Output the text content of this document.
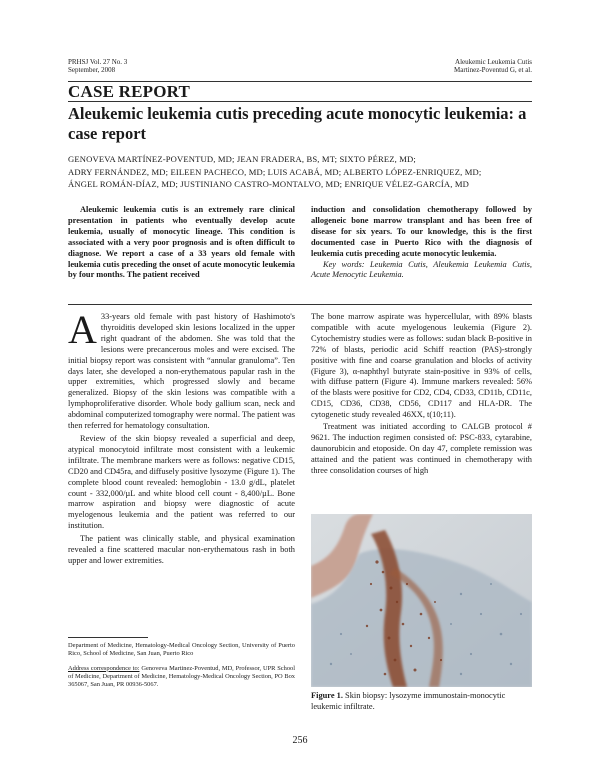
PRHSJ Vol. 27 No. 3
September, 2008
Aleukemic Leukemia Cutis
Martinez-Poventud G, et al.
CASE REPORT
Aleukemic leukemia cutis preceding acute monocytic leukemia: a case report
GENOVEVA MARTÍNEZ-POVENTUD, MD; JEAN FRADERA, BS, MT; SIXTO PÉREZ, MD;
ADRY FERNÁNDEZ, MD; EILEEN PACHECO, MD; LUIS ACABÁ, MD; ALBERTO LÓPEZ-ENRIQUEZ, MD;
ÁNGEL ROMÁN-DÍAZ, MD; JUSTINIANO CASTRO-MONTALVO, MD; ENRIQUE VÉLEZ-GARCÍA, MD

Aleukemic leukemia cutis is an extremely rare clinical presentation in patients who eventually develop acute leukemia, usually of monocytic lineage. This condition is associated with a very poor prognosis and is often difficult to diagnose. We report a case of a 33 years old female with leukemia cutis preceding the onset of acute monocytic leukemia by four months. The patient received

induction and consolidation chemotherapy followed by allogeneic bone marrow transplant and has been free of disease for six years. To our knowledge, this is the first documented case in Puerto Rico with the diagnosis of leukemia cutis preceding acute monocytic leukemia.

Key words: Leukemia Cutis, Aleukemia Leukemia Cutis, Acute Menocytic Leukemia.

A 33-years old female with past history of Hashimoto's thyroiditis developed skin lesions localized in the upper right quadrant of the abdomen. She was told that the lesions were precancerous moles and were excised. The initial biopsy report was consistent with “annular granuloma”. Ten days later, she developed a non-erythematous papular rash in the upper extremities, which progressed slowly and became generalized. Biopsy of the skin lesions was compatible with a lymphoproliferative disorder. Whole body gallium scan, neck and abdominal computerized tomography were normal. The patient was then referred for hematology consultation.

Review of the skin biopsy revealed a superficial and deep, atypical monocytoid infiltrate most consistent with a leukemic infiltrate. The membrane markers were as follows: negative CD15, CD20 and CD45ra, and diffusely positive lysozyme (Figure 1). The complete blood count revealed: hemoglobin - 13.0 g/dL, platelet count - 332,000/µL and white blood cell count - 8,400/µL. Bone marrow aspiration and biopsy were diagnostic of acute myelogenous leukemia and the patient was referred to our institution.

The patient was clinically stable, and physical examination revealed a fine scattered macular non-erythematous rash in both upper and lower extremities.

The bone marrow aspirate was hypercellular, with 89% blasts compatible with acute myelogenous leukemia (Figure 2). Cytochemistry studies were as follows: sudan black B-positive in 72% of blasts, periodic acid Schiff reaction (PAS)-strongly positive with fine and coarse granulation and blocks of activity (Figure 3), α-naphthyl butyrate stain-positive in 93% of cells, with diffuse pattern (Figure 4). Immune markers revealed: 56% of the blasts were positive for CD2, CD4, CD33, CD11b, CD11c, CD15, CD36, CD38, CD56, CD117 and HLA-DR. The cytogenetic study revealed 46XX, t(10;11).

Treatment was initiated according to CALGB protocol # 9621. The induction regimen consisted of: PSC-833, cytarabine, daunorubicin and etoposide. On day 47, complete remission was attained and the patient was continued in chemotherapy with three consolidation courses of high

Department of Medicine, Hematology-Medical Oncology Section, University of Puerto Rico, School of Medicine, San Juan, Puerto Rico

Address correspondence to: Genoveva Martinez-Poventud, MD, Professor, UPR School of Medicine, Department of Medicine, Hematology-Medical Oncology Section, PO Box 365067, San Juan, PR 00936-5067.

Figure 1. Skin biopsy: lysozyme immunostain-monocytic leukemic infiltrate.
256
